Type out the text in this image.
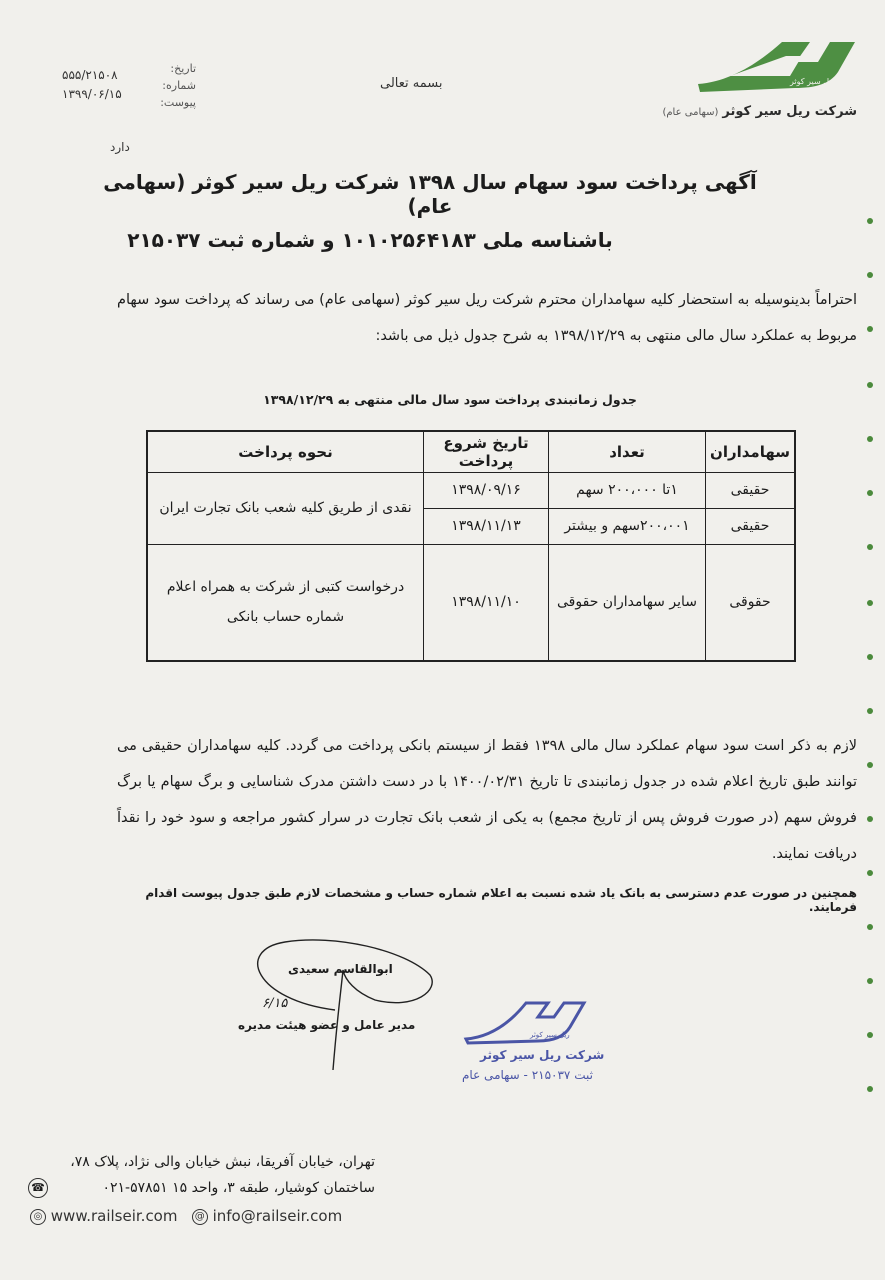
ریل سیر کوثر
شرکت ریل سیر کوثر(سهامی عام)
بسمه تعالی
تاریخ:
شماره:
پیوست:
۵۵۵/۲۱۵۰۸
۱۳۹۹/۰۶/۱۵
دارد
آگهی پرداخت سود سهام سال ۱۳۹۸ شرکت ریل سیر کوثر (سهامی عام)
باشناسه ملی ۱۰۱۰۲۵۶۴۱۸۳ و شماره ثبت ۲۱۵۰۳۷
احتراماً بدینوسیله به استحضار کلیه سهامداران محترم شرکت ریل سیر کوثر (سهامی عام) می رساند که پرداخت سود سهام مربوط به عملکرد سال مالی منتهی به ۱۳۹۸/۱۲/۲۹ به شرح جدول ذیل می باشد:
جدول زمانبندی پرداخت سود سال مالی منتهی به ۱۳۹۸/۱۲/۲۹
سهامداران	تعداد	تاریخ شروع پرداخت	نحوه پرداخت
حقیقی	۱تا ۲۰۰،۰۰۰ سهم	۱۳۹۸/۰۹/۱۶	نقدی از طریق کلیه شعب بانک تجارت ایران
حقیقی	۲۰۰،۰۰۱سهم و بیشتر	۱۳۹۸/۱۱/۱۳	
حقوقی	سایر سهامداران حقوقی	۱۳۹۸/۱۱/۱۰	درخواست کتبی از شرکت به همراه اعلام شماره حساب بانکی
لازم به ذکر است سود سهام عملکرد سال مالی ۱۳۹۸ فقط از سیستم بانکی پرداخت می گردد. کلیه سهامداران حقیقی می توانند طبق تاریخ اعلام شده در جدول زمانبندی تا تاریخ ۱۴۰۰/۰۲/۳۱ با در دست داشتن مدرک شناسایی و برگ سهام یا برگ فروش سهم (در صورت فروش پس از تاریخ مجمع) به یکی از شعب بانک تجارت در سرار کشور مراجعه و سود خود را نقداً دریافت نمایند.
همچنین در صورت عدم دسترسی به بانک یاد شده نسبت به اعلام شماره حساب و مشخصات لازم طبق جدول پیوست اقدام فرمایند.
ابوالقاسم سعیدی
۶/۱۵
مدیر عامل و عضو هیئت مدیره
ریل سیر کوثر
شرکت ریل سیر کوثر
ثبت ۲۱۵۰۳۷ - سهامی عام
تهران، خیابان آفریقا، نبش خیابان والی نژاد، پلاک ۷۸،
ساختمان کوشیار، طبقه ۳، واحد ۱۵ ۵۷۸۵۱-۰۲۱
☎
◎ www.railseir.com @ info@railseir.com
